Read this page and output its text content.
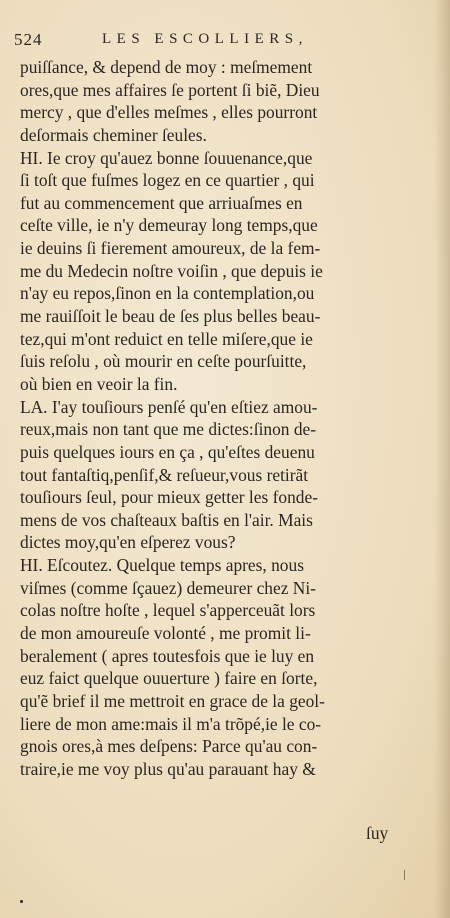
524	LES ESCOLLIERS,
puiſſance, & depend de moy : meſmement
ores,que mes affaires ſe portent ſi biẽ, Dieu
mercy , que d'elles meſmes , elles pourront
deſormais cheminer ſeules.
HI. Ie croy qu'auez bonne ſouuenance,que
ſi toſt que fuſmes logez en ce quartier , qui
fut au commencement que arriuaſmes en
ceſte ville, ie n'y demeuray long temps,que
ie deuins ſi fierement amoureux, de la fem-
me du Medecin noſtre voiſin , que depuis ie
n'ay eu repos,ſinon en la contemplation,ou
me rauiſſoit le beau de ſes plus belles beau-
tez,qui m'ont reduict en telle miſere,que ie
ſuis reſolu , où mourir en ceſte pourſuitte,
où bien en veoir la fin.
LA. I'ay touſiours penſé qu'en eſtiez amou-
reux,mais non tant que me dictes:ſinon de-
puis quelques iours en ça , qu'eſtes deuenu
tout fantaſtiq,penſif,& reſueur,vous retirãt
touſiours ſeul, pour mieux getter les fonde-
mens de vos chaſteaux baſtis en l'air. Mais
dictes moy,qu'en eſperez vous?
HI. Eſcoutez. Quelque temps apres, nous
viſmes (comme ſçauez) demeurer chez Ni-
colas noſtre hoſte , lequel s'apperceuãt lors
de mon amoureuſe volonté , me promit li-
beralement ( apres toutesfois que ie luy en
euz faict quelque ouuerture ) faire en ſorte,
qu'ẽ brief il me mettroit en grace de la geol-
liere de mon ame:mais il m'a trõpé,ie le co-
gnois ores,à mes deſpens: Parce qu'au con-
traire,ie me voy plus qu'au parauant hay &
ſuy
